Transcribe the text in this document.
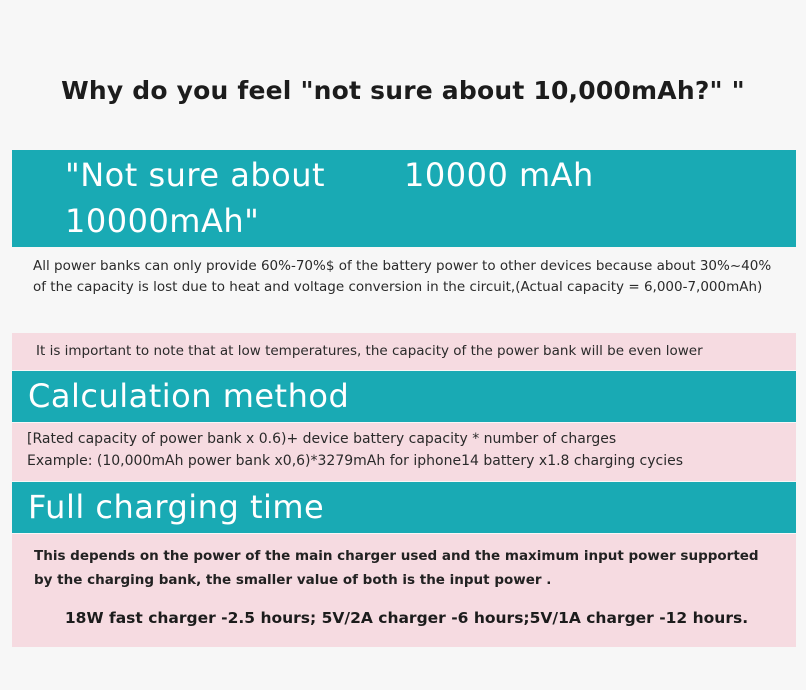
Why do you feel "not sure about 10,000mAh?" "
"Not sure about
10000mAh"
10000 mAh
All power banks can only provide 60%-70%$ of the battery power to other devices because about 30%~40% of the capacity is lost due to heat and voltage conversion in the circuit,(Actual capacity = 6,000-7,000mAh)
It is important to note that at low temperatures, the capacity of the power bank will be even lower
Calculation method
[Rated capacity of power bank x 0.6)+ device battery capacity * number of charges
Example: (10,000mAh power bank x0,6)*3279mAh for iphone14 battery x1.8 charging cycies
Full charging time
This depends on the power of the main charger used and the maximum input power supported by the charging bank, the smaller value of both is the input power .
18W fast charger -2.5 hours; 5V/2A charger -6 hours;5V/1A charger -12 hours.
